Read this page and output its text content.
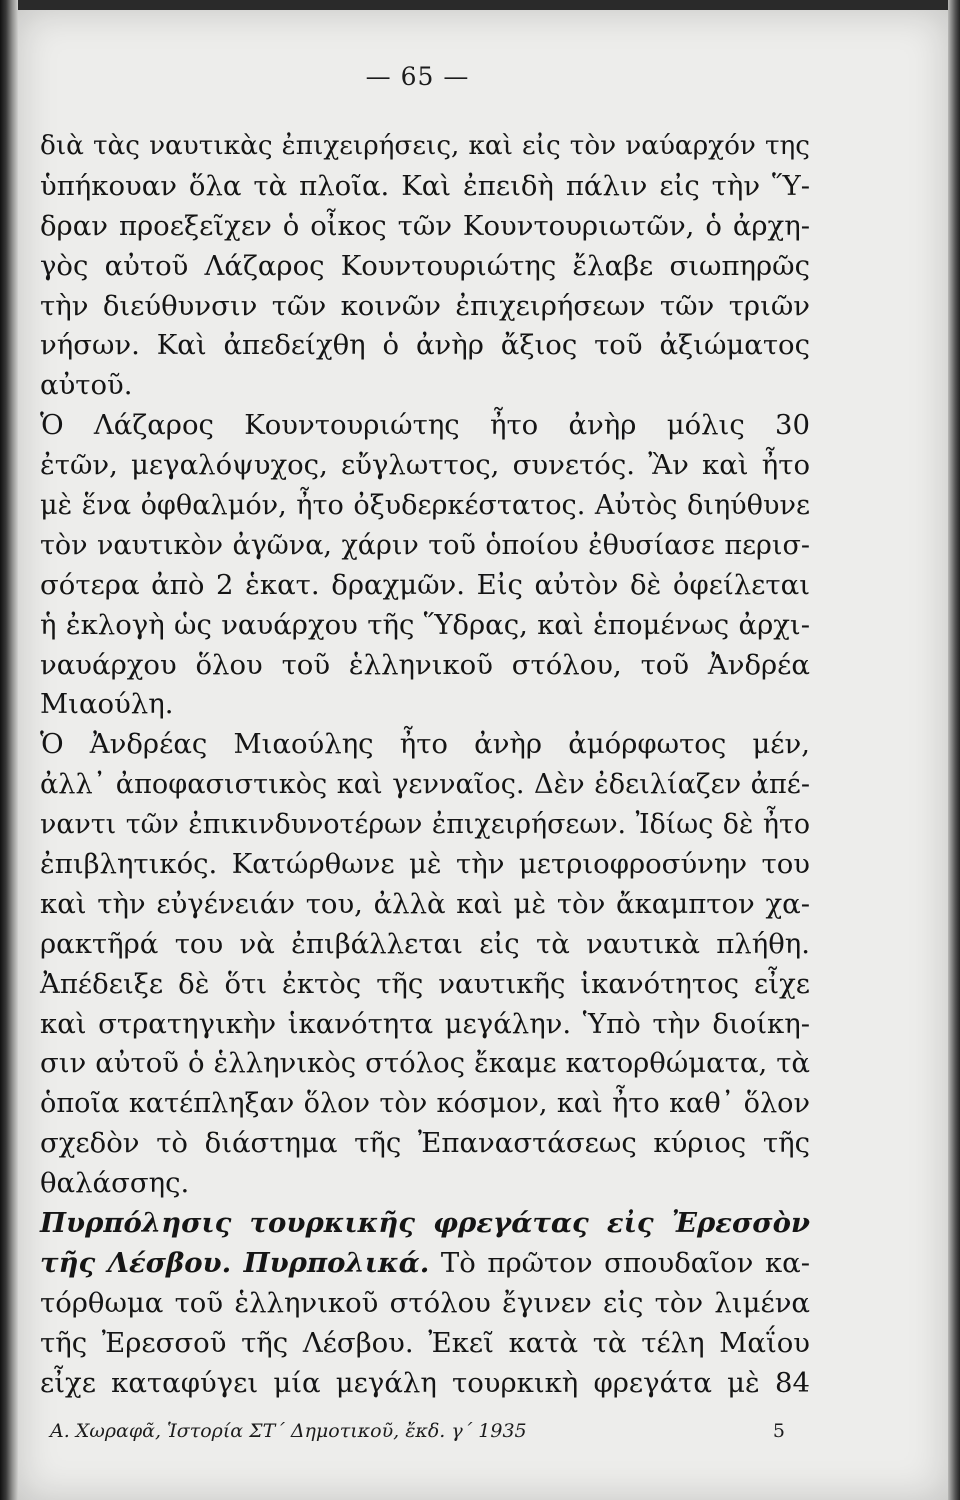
— 65 —
διὰ τὰς ναυτικὰς ἐπιχειρήσεις, καὶ εἰς τὸν ναύαρχόν της
ὑπήκουαν ὅλα τὰ πλοῖα. Καὶ ἐπειδὴ πάλιν εἰς τὴν Ὕ-
δραν προεξεῖχεν ὁ οἶκος τῶν Κουντουριωτῶν, ὁ ἀρχη-
γὸς αὐτοῦ Λάζαρος Κουντουριώτης ἔλαβε σιωπηρῶς
τὴν διεύθυνσιν τῶν κοινῶν ἐπιχειρήσεων τῶν τριῶν
νήσων. Καὶ ἀπεδείχθη ὁ ἀνὴρ ἄξιος τοῦ ἀξιώματος
αὐτοῦ.
Ὁ Λάζαρος Κουντουριώτης ἦτο ἀνὴρ μόλις 30
ἐτῶν, μεγαλόψυχος, εὔγλωττος, συνετός. Ἂν καὶ ἦτο
μὲ ἕνα ὀφθαλμόν, ἦτο ὀξυδερκέστατος. Αὐτὸς διηύθυνε
τὸν ναυτικὸν ἀγῶνα, χάριν τοῦ ὁποίου ἐθυσίασε περισ-
σότερα ἀπὸ 2 ἑκατ. δραχμῶν. Εἰς αὐτὸν δὲ ὀφείλεται
ἡ ἐκλογὴ ὡς ναυάρχου τῆς Ὕδρας, καὶ ἑπομένως ἀρχι-
ναυάρχου ὅλου τοῦ ἑλληνικοῦ στόλου, τοῦ Ἀνδρέα
Μιαούλη.
Ὁ Ἀνδρέας Μιαούλης ἦτο ἀνὴρ ἀμόρφωτος μέν,
ἀλλ᾽ ἀποφασιστικὸς καὶ γενναῖος. Δὲν ἐδειλίαζεν ἀπέ-
ναντι τῶν ἐπικινδυνοτέρων ἐπιχειρήσεων. Ἰδίως δὲ ἦτο
ἐπιβλητικός. Κατώρθωνε μὲ τὴν μετριοφροσύνην του
καὶ τὴν εὐγένειάν του, ἀλλὰ καὶ μὲ τὸν ἄκαμπτον χα-
ρακτῆρά του νὰ ἐπιβάλλεται εἰς τὰ ναυτικὰ πλήθη.
Ἀπέδειξε δὲ ὅτι ἐκτὸς τῆς ναυτικῆς ἱκανότητος εἶχε
καὶ στρατηγικὴν ἱκανότητα μεγάλην. Ὑπὸ τὴν διοίκη-
σιν αὐτοῦ ὁ ἑλληνικὸς στόλος ἔκαμε κατορθώματα, τὰ
ὁποῖα κατέπληξαν ὅλον τὸν κόσμον, καὶ ἦτο καθ᾽ ὅλον
σχεδὸν τὸ διάστημα τῆς Ἐπαναστάσεως κύριος τῆς
θαλάσσης.
Πυρπόλησις τουρκικῆς φρεγάτας εἰς Ἐρεσσὸν
τῆς Λέσβου. Πυρπολικά. Τὸ πρῶτον σπουδαῖον κα-
τόρθωμα τοῦ ἑλληνικοῦ στόλου ἔγινεν εἰς τὸν λιμένα
τῆς Ἐρεσσοῦ τῆς Λέσβου. Ἐκεῖ κατὰ τὰ τέλη Μαΐου
εἶχε καταφύγει μία μεγάλη τουρκικὴ φρεγάτα μὲ 84
Α. Χωραφᾶ, Ἱστορία ΣΤ´ Δημοτικοῦ, ἔκδ. γ´ 1935	5
